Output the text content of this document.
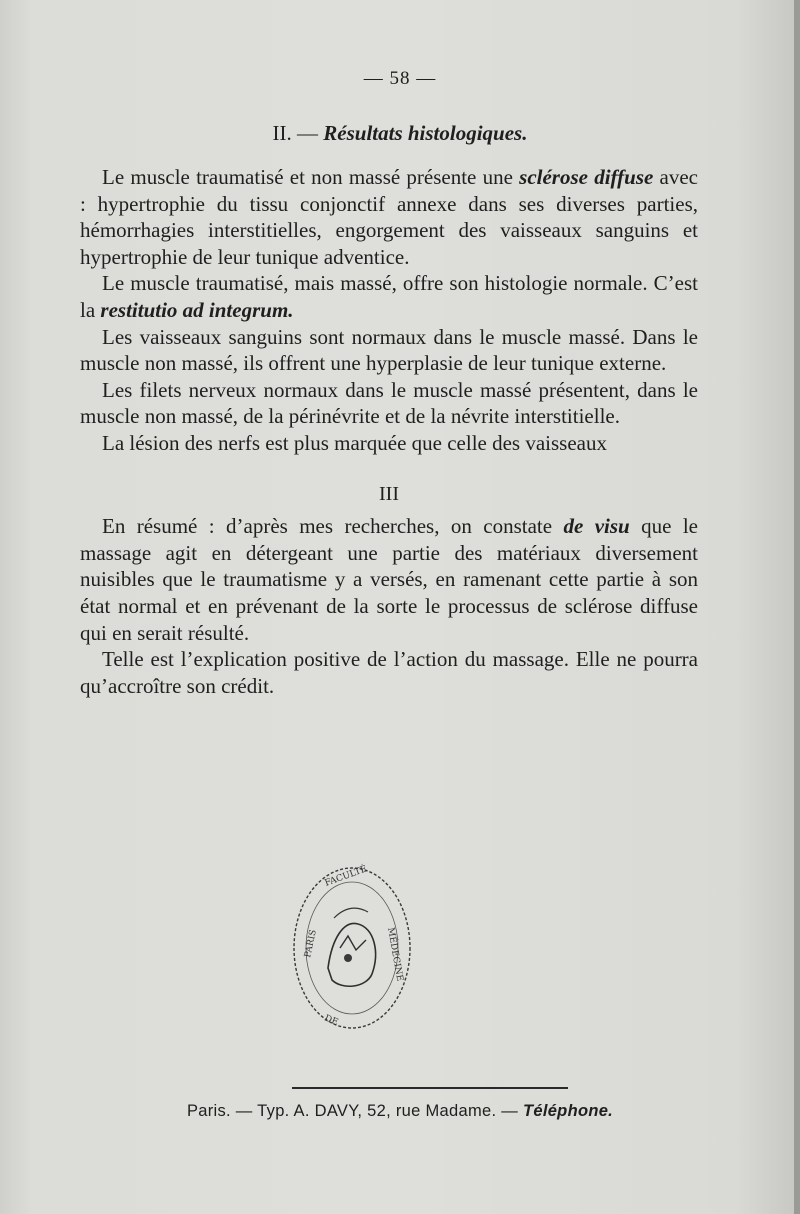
— 58 —
II. — Résultats histologiques.

Le muscle traumatisé et non massé présente une sclérose diffuse avec : hypertrophie du tissu conjonctif annexe dans ses diverses parties, hémorrhagies interstitielles, engorgement des vaisseaux sanguins et hypertrophie de leur tunique adventice.

Le muscle traumatisé, mais massé, offre son histologie normale. C’est la restitutio ad integrum.

Les vaisseaux sanguins sont normaux dans le muscle massé. Dans le muscle non massé, ils offrent une hyperplasie de leur tunique externe.

Les filets nerveux normaux dans le muscle massé présentent, dans le muscle non massé, de la périnévrite et de la névrite interstitielle.

La lésion des nerfs est plus marquée que celle des vaisseaux

III

En résumé : d’après mes recherches, on constate de visu que le massage agit en détergeant une partie des matériaux diversement nuisibles que le traumatisme y a versés, en ramenant cette partie à son état normal et en prévenant de la sorte le processus de sclérose diffuse qui en serait résulté.

Telle est l’explication positive de l’action du massage. Elle ne pourra qu’accroître son crédit.

PARIS	MÉDECINE
FACULTÉ
DE
Paris. — Typ. A. DAVY, 52, rue Madame. — Téléphone.
